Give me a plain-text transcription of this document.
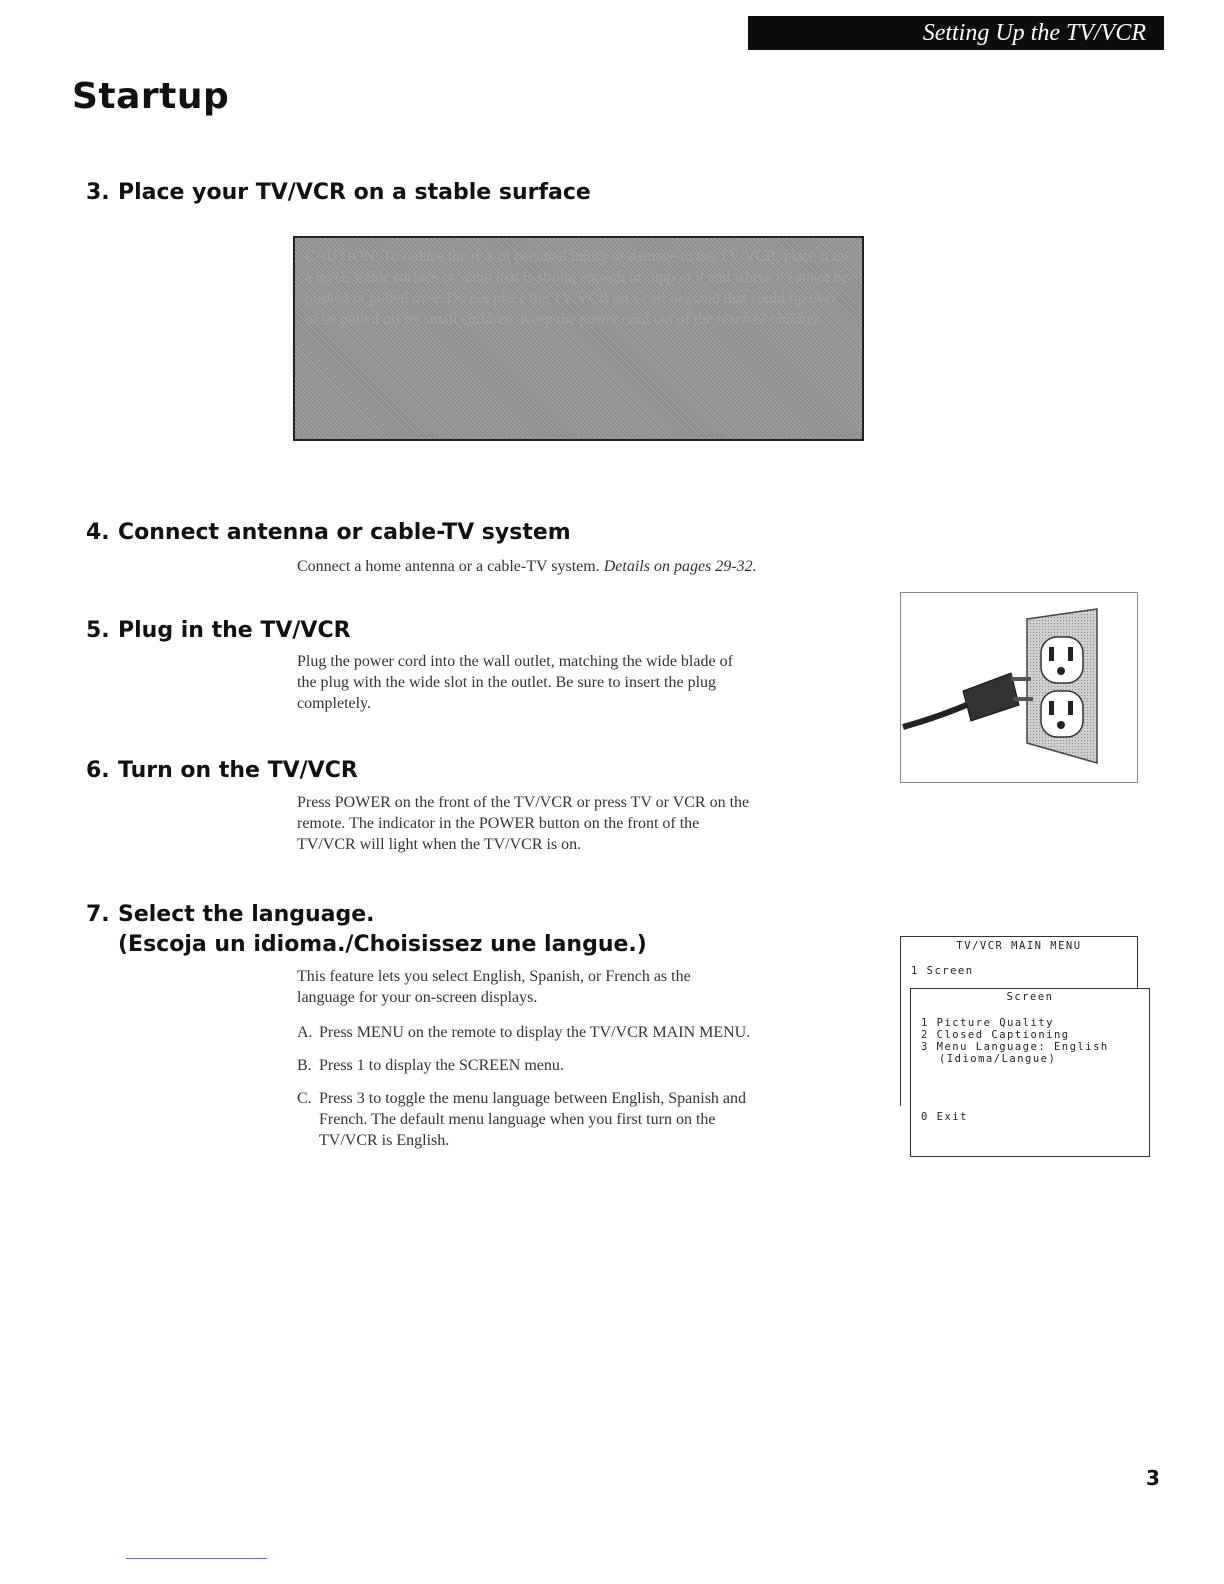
Setting Up the TV/VCR
Startup
3. Place your TV/VCR on a stable surface
CAUTION: To reduce the risk of personal injury or damage to the TV/VCR, place it on a level, stable surface or stand that is strong enough to support it and where it cannot be pushed or pulled over. Do not place the TV/VCR on a cart or stand that could tip over or be pulled off by small children. Keep the power cord out of the reach of children.
4. Connect antenna or cable-TV system
Connect a home antenna or a cable-TV system. Details on pages 29-32.
5. Plug in the TV/VCR
Plug the power cord into the wall outlet, matching the wide blade of
the plug with the wide slot in the outlet. Be sure to insert the plug
completely.
6. Turn on the TV/VCR
Press POWER on the front of the TV/VCR or press TV or VCR on the
remote. The indicator in the POWER button on the front of the
TV/VCR will light when the TV/VCR is on.
7. Select the language.
(Escoja un idioma./Choisissez une langue.)
This feature lets you select English, Spanish, or French as the
language for your on-screen displays.
A. Press MENU on the remote to display the TV/VCR MAIN MENU.
B. Press 1 to display the SCREEN menu.
C. Press 3 to toggle the menu language between English, Spanish and
French. The default menu language when you first turn on the
TV/VCR is English.
TV/VCR MAIN MENU
1 Screen
Screen
1 Picture Quality
2 Closed Captioning
3 Menu Language: English
(Idioma/Langue)
0 Exit
3
